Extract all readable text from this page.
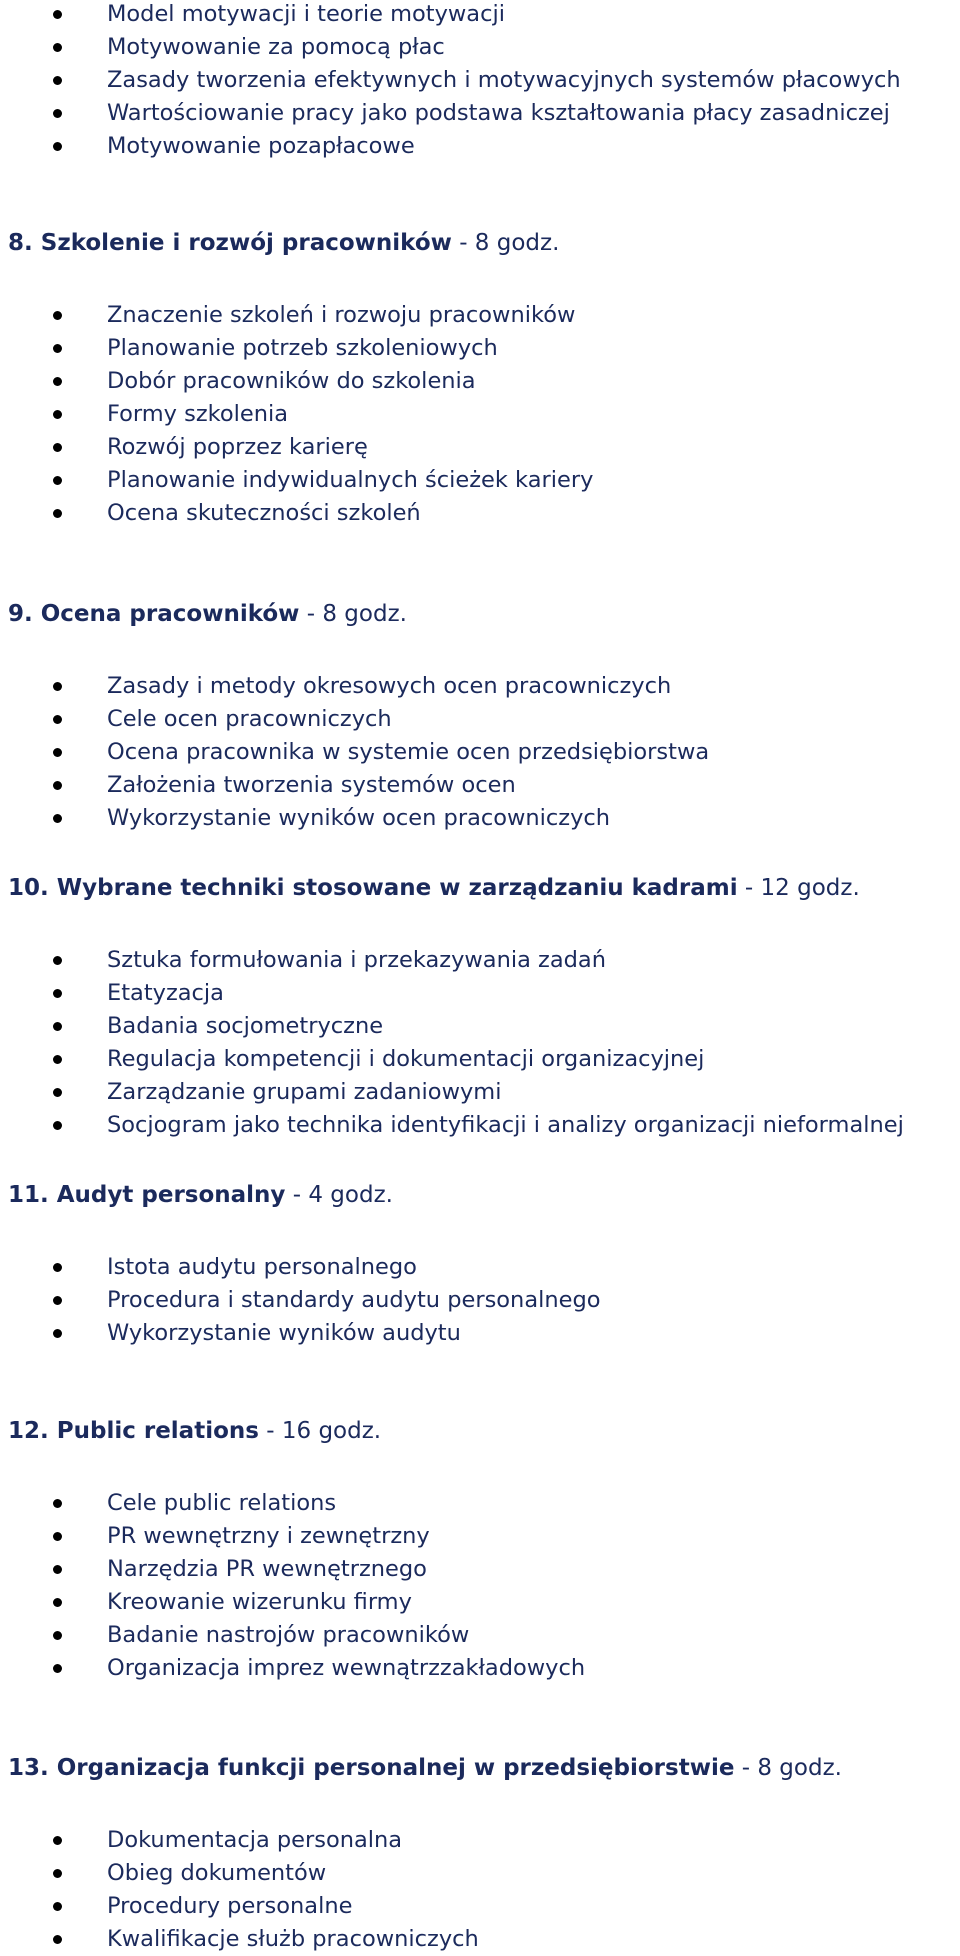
Model motywacji i teorie motywacji
Motywowanie za pomocą płac
Zasady tworzenia efektywnych i motywacyjnych systemów płacowych
Wartościowanie pracy jako podstawa kształtowania płacy zasadniczej
Motywowanie pozapłacowe
8. Szkolenie i rozwój pracowników - 8 godz.
Znaczenie szkoleń i rozwoju pracowników
Planowanie potrzeb szkoleniowych
Dobór pracowników do szkolenia
Formy szkolenia
Rozwój poprzez karierę
Planowanie indywidualnych ścieżek kariery
Ocena skuteczności szkoleń
9. Ocena pracowników - 8 godz.
Zasady i metody okresowych ocen pracowniczych
Cele ocen pracowniczych
Ocena pracownika w systemie ocen przedsiębiorstwa
Założenia tworzenia systemów ocen
Wykorzystanie wyników ocen pracowniczych
10. Wybrane techniki stosowane w zarządzaniu kadrami - 12 godz.
Sztuka formułowania i przekazywania zadań
Etatyzacja
Badania socjometryczne
Regulacja kompetencji i dokumentacji organizacyjnej
Zarządzanie grupami zadaniowymi
Socjogram jako technika identyfikacji i analizy organizacji nieformalnej
11. Audyt personalny - 4 godz.
Istota audytu personalnego
Procedura i standardy audytu personalnego
Wykorzystanie wyników audytu
12. Public relations - 16 godz.
Cele public relations
PR wewnętrzny i zewnętrzny
Narzędzia PR wewnętrznego
Kreowanie wizerunku firmy
Badanie nastrojów pracowników
Organizacja imprez wewnątrzzakładowych
13. Organizacja funkcji personalnej w przedsiębiorstwie - 8 godz.
Dokumentacja personalna
Obieg dokumentów
Procedury personalne
Kwalifikacje służb pracowniczych
